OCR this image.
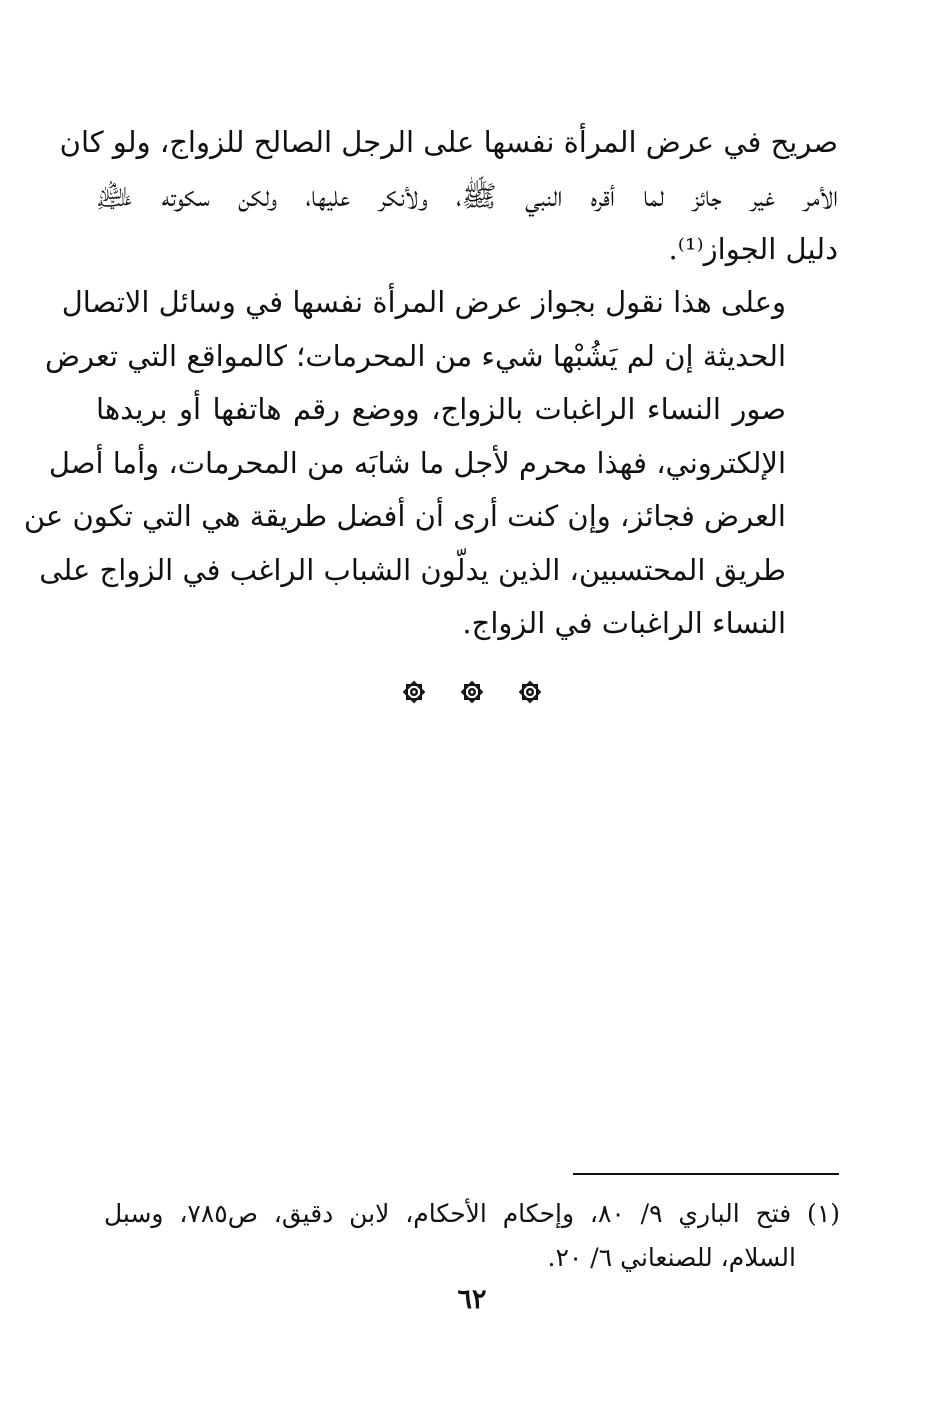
صريح في عرض المرأة نفسها على الرجل الصالح للزواج، ولو كان
الأمر غير جائز لما أقره النبي ﷺ، ولأنكر عليها، ولكن سكوته ﵇
دليل الجواز⁽¹⁾.
وعلى هذا نقول بجواز عرض المرأة نفسها في وسائل الاتصال
الحديثة إن لم يَشُبْها شيء من المحرمات؛ كالمواقع التي تعرض
صور النساء الراغبات بالزواج، ووضع رقم هاتفها أو بريدها
الإلكتروني، فهذا محرم لأجل ما شابَه من المحرمات، وأما أصل
العرض فجائز، وإن كنت أرى أن أفضل طريقة هي التي تكون عن
طريق المحتسبين، الذين يدلّون الشباب الراغب في الزواج على
النساء الراغبات في الزواج.
(١) فتح الباري ٩/ ٨٠، وإحكام الأحكام، لابن دقيق، ص٧٨٥، وسبل
السلام، للصنعاني ٦/ ٢٠.
٦٢
